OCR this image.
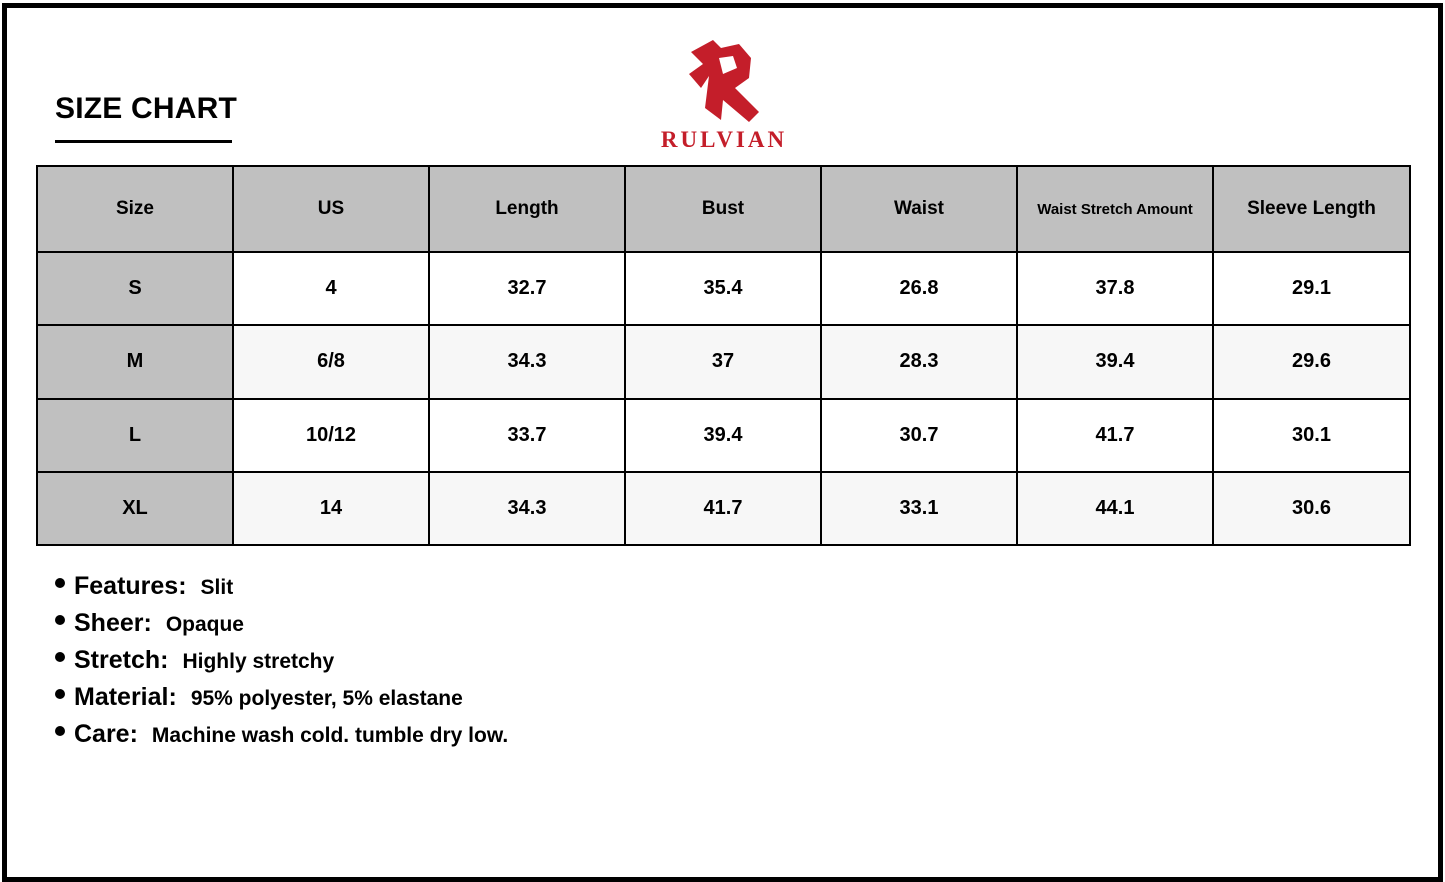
SIZE CHART
RULVIAN
Size	US	Length	Bust	Waist	Waist Stretch Amount	Sleeve Length
S	4	32.7	35.4	26.8	37.8	29.1
M	6/8	34.3	37	28.3	39.4	29.6
L	10/12	33.7	39.4	30.7	41.7	30.1
XL	14	34.3	41.7	33.1	44.1	30.6
Features: Slit
Sheer: Opaque
Stretch: Highly stretchy
Material: 95% polyester, 5% elastane
Care: Machine wash cold. tumble dry low.
